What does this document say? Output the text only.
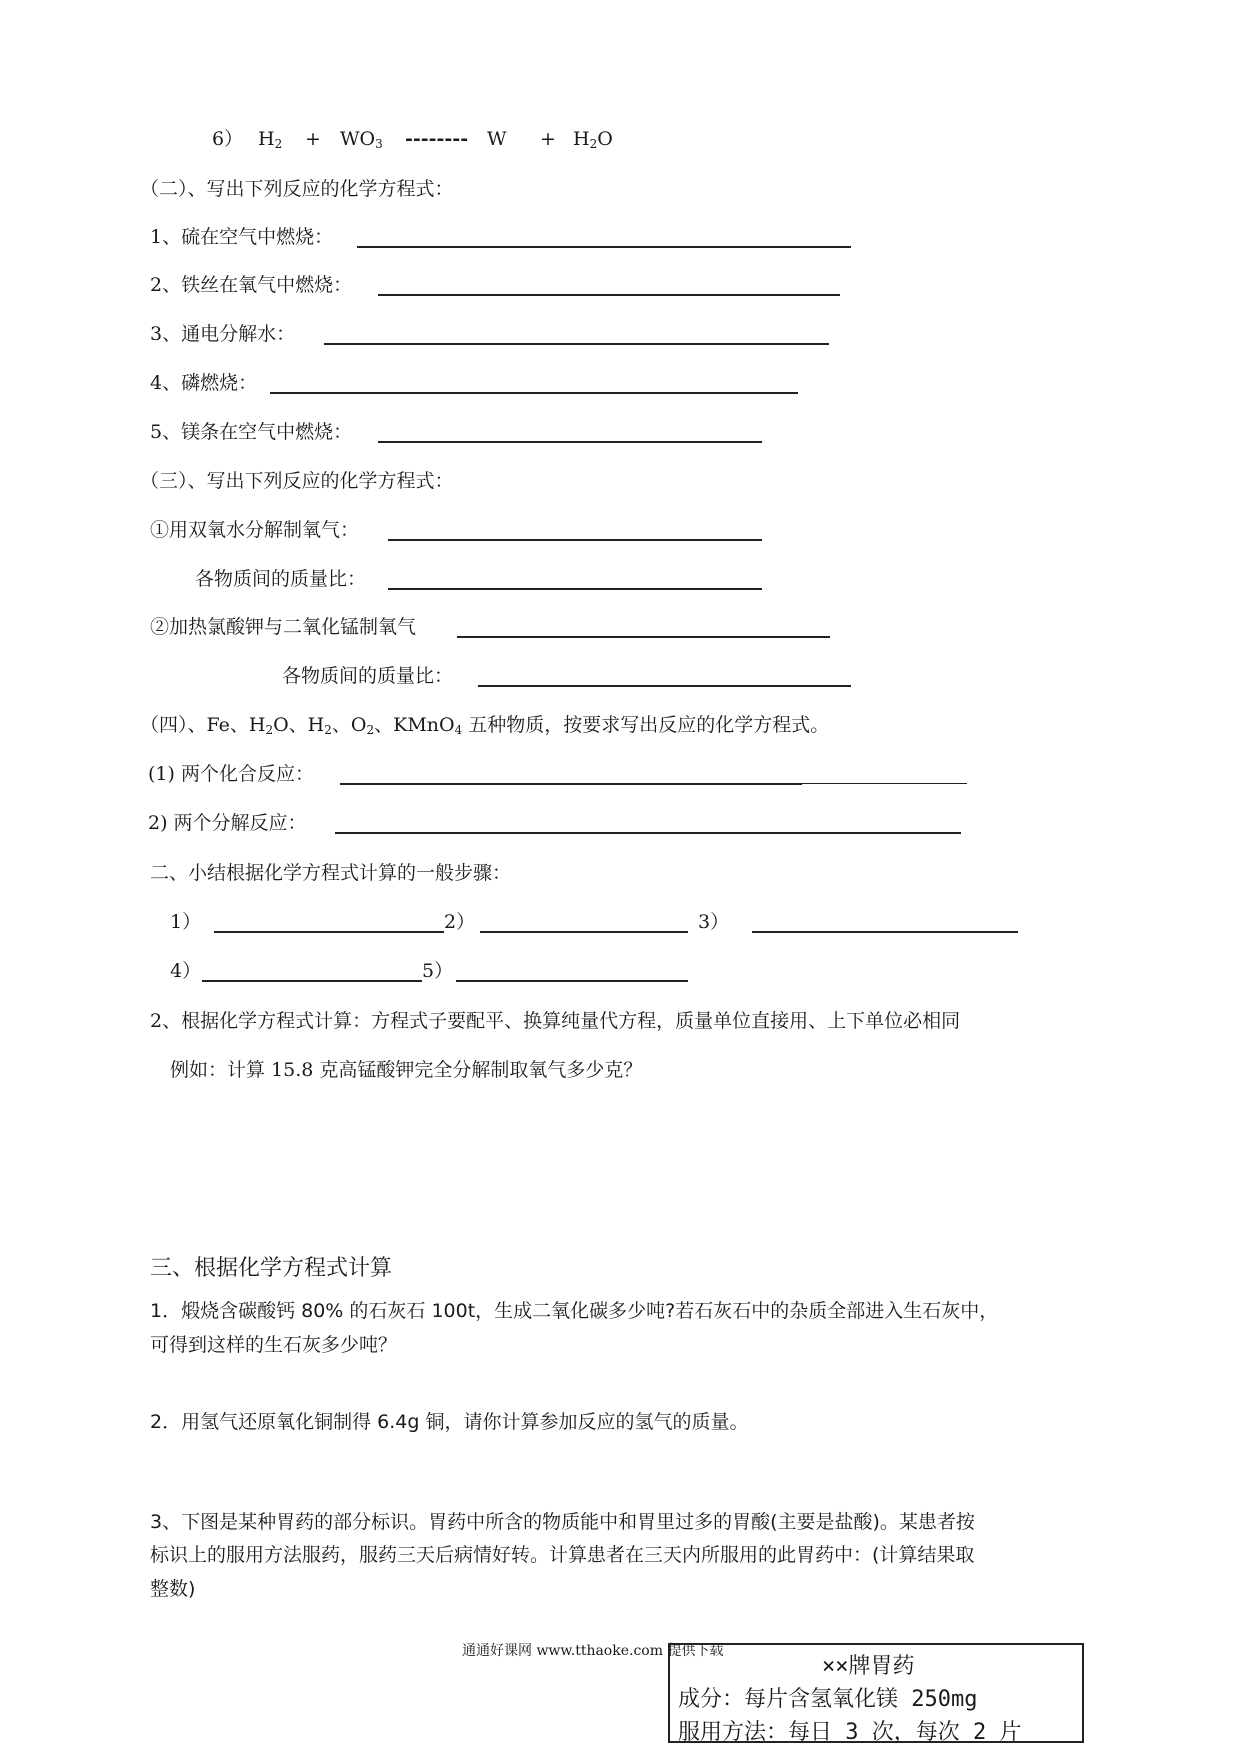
6） $H_2 + WO_3$ -------- $W + H_2O$
（二）、写出下列反应的化学方程式：
1、硫在空气中燃烧：
2、铁丝在氧气中燃烧：
3、通电分解水：
4、磷燃烧：
5、镁条在空气中燃烧：
（三）、写出下列反应的化学方程式：
①用双氧水分解制氧气：
各物质间的质量比：
②加热氯酸钾与二氧化锰制氧气
各物质间的质量比：
（四）、Fe、$H_2O$、$H_2$、$O_2$、KMnO$_4$ 五种物质，按要求写出反应的化学方程式。
(1) 两个化合反应：
2) 两个分解反应：
二、小结根据化学方程式计算的一般步骤：
1）	2）	3）
4）	5）
2、根据化学方程式计算：方程式子要配平、换算纯量代方程，质量单位直接用、上下单位必相同
例如：计算 15.8 克高锰酸钾完全分解制取氧气多少克？
三、根据化学方程式计算
1．煅烧含碳酸钙 80% 的石灰石 100t，生成二氧化碳多少吨?若石灰石中的杂质全部进入生石灰中，
可得到这样的生石灰多少吨？
2．用氢气还原氧化铜制得 6.4g 铜，请你计算参加反应的氢气的质量。
3、下图是某种胃药的部分标识。胃药中所含的物质能中和胃里过多的胃酸(主要是盐酸)。某患者按
标识上的服用方法服药，服药三天后病情好转。计算患者在三天内所服用的此胃药中：(计算结果取
整数)
通通好课网 www.tthaoke.com 提供下载
××牌胃药
成分：每片含氢氧化镁 250mg
服用方法：每日 3 次，每次 2 片
